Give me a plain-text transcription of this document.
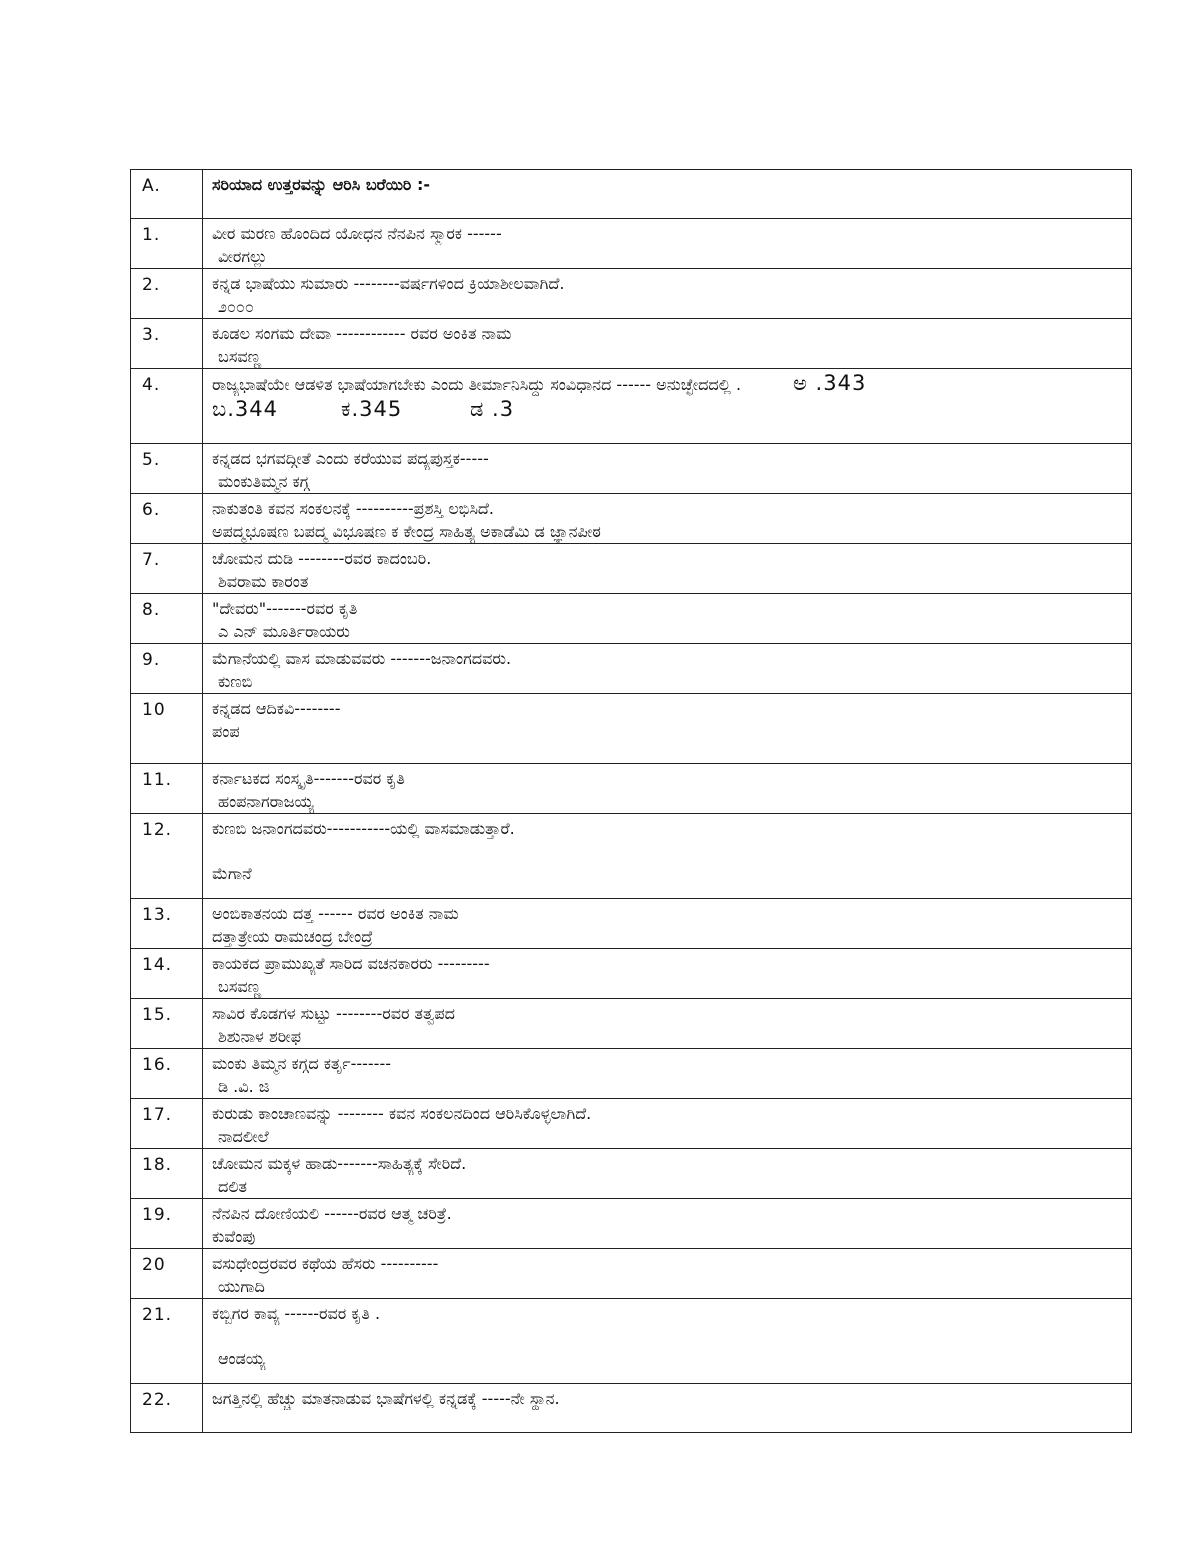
A.	ಸರಿಯಾದ ಉತ್ತರವನ್ನು ಆರಿಸಿ ಬರೆಯಿರಿ :-

1.	ವೀರ ಮರಣ ಹೊಂದಿದ ಯೋಧನ ನೆನಪಿನ ಸ್ಮಾರಕ ------
ವೀರಗಲ್ಲು

2.	ಕನ್ನಡ ಭಾಷೆಯು ಸುಮಾರು --------ವರ್ಷಗಳಿಂದ ಕ್ರಿಯಾಶೀಲವಾಗಿದೆ.
೨೦೦೦

3.	ಕೂಡಲ ಸಂಗಮ ದೇವಾ ------------ ರವರ ಅಂಕಿತ ನಾಮ
ಬಸವಣ್ಣ

4.	ರಾಜ್ಯಭಾಷೆಯೇ ಆಡಳಿತ ಭಾಷೆಯಾಗಬೇಕು ಎಂದು ತೀರ್ಮಾನಿಸಿದ್ದು ಸಂವಿಧಾನದ ------ ಅನುಚ್ಛೇದದಲ್ಲಿ . ಅ .343
ಬ.344 ಕ.345 ಡ .3

5.	ಕನ್ನಡದ ಭಗವದ್ಗೀತೆ ಎಂದು ಕರೆಯುವ ಪದ್ಯಪುಸ್ತಕ-----
ಮಂಕುತಿಮ್ಮನ ಕಗ್ಗ

6.	ನಾಕುತಂತಿ ಕವನ ಸಂಕಲನಕ್ಕೆ ----------ಪ್ರಶಸ್ತಿ ಲಭಿಸಿದೆ.
ಅಪದ್ಮಭೂಷಣ ಬಪದ್ಮ ವಿಭೂಷಣ ಕ ಕೇಂದ್ರ ಸಾಹಿತ್ಯ ಅಕಾಡೆಮಿ ಡ ಜ್ಞಾನಪೀಠ

7.	ಚೋಮನ ದುಡಿ --------ರವರ ಕಾದಂಬರಿ.
ಶಿವರಾಮ ಕಾರಂತ

8.	"ದೇವರು"-------ರವರ ಕೃತಿ
ಎ ಎನ್ ಮೂರ್ತಿರಾಯರು

9.	ಮೆಗಾನೆಯಲ್ಲಿ ವಾಸ ಮಾಡುವವರು -------ಜನಾಂಗದವರು.
ಕುಣಬಿ

10	ಕನ್ನಡದ ಆದಿಕವಿ--------
ಪಂಪ

11.	ಕರ್ನಾಟಕದ ಸಂಸ್ಕೃತಿ-------ರವರ ಕೃತಿ
ಹಂಪನಾಗರಾಜಯ್ಯ

12.	ಕುಣಬಿ ಜನಾಂಗದವರು-----------ಯಲ್ಲಿ ವಾಸಮಾಡುತ್ತಾರೆ.
ಮೆಗಾನೆ

13.	ಅಂಬಿಕಾತನಯ ದತ್ತ ------ ರವರ ಅಂಕಿತ ನಾಮ
ದತ್ತಾತ್ರೇಯ ರಾಮಚಂದ್ರ ಬೇಂದ್ರೆ

14.	ಕಾಯಕದ ಪ್ರಾಮುಖ್ಯತೆ ಸಾರಿದ ವಚನಕಾರರು ---------
ಬಸವಣ್ಣ

15.	ಸಾವಿರ ಕೊಡಗಳ ಸುಟ್ಟು --------ರವರ ತತ್ವಪದ
ಶಿಶುನಾಳ ಶರೀಫ

16.	ಮಂಕು ತಿಮ್ಮನ ಕಗ್ಗದ ಕರ್ತೃ-------
ಡಿ .ವಿ. ಜಿ

17.	ಕುರುಡು ಕಾಂಚಾಣವನ್ನು -------- ಕವನ ಸಂಕಲನದಿಂದ ಆರಿಸಿಕೊಳ್ಳಲಾಗಿದೆ.
ನಾದಲೀಲೆ

18.	ಚೋಮನ ಮಕ್ಕಳ ಹಾಡು-------ಸಾಹಿತ್ಯಕ್ಕೆ ಸೇರಿದೆ.
ದಲಿತ

19.	ನೆನಪಿನ ದೋಣಿಯಲಿ ------ರವರ ಆತ್ಮ ಚರಿತ್ರೆ.
ಕುವೆಂಪು

20	ವಸುಧೇಂದ್ರರವರ ಕಥೆಯ ಹೆಸರು ----------
ಯುಗಾದಿ

21.	ಕಬ್ಬಿಗರ ಕಾವ್ಯ ------ರವರ ಕೃತಿ .
ಆಂಡಯ್ಯ

22.	ಜಗತ್ತಿನಲ್ಲಿ ಹೆಚ್ಚು ಮಾತನಾಡುವ ಭಾಷೆಗಳಲ್ಲಿ ಕನ್ನಡಕ್ಕೆ -----ನೇ ಸ್ಥಾನ.
